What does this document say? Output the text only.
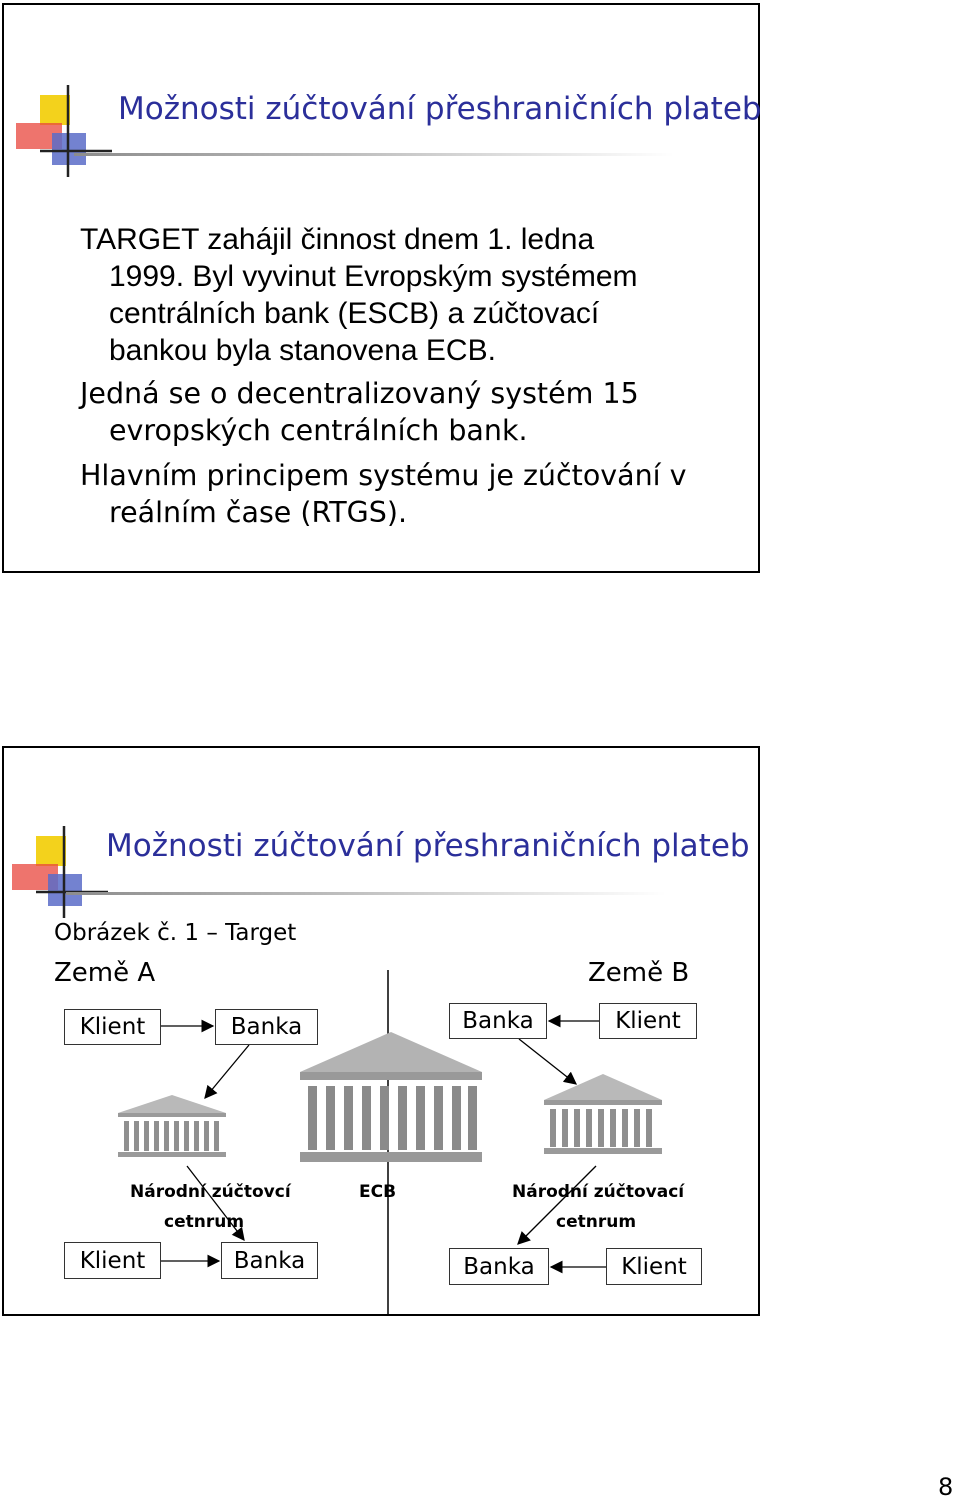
Možnosti zúčtování přeshraničních plateb
TARGET zahájil činnost dnem 1. ledna
1999. Byl vyvinut Evropským systémem
centrálních bank (ESCB) a zúčtovací
bankou byla stanovena ECB.
Jedná se o decentralizovaný systém 15
evropských centrálních bank.
Hlavním principem systému je zúčtování v
reálním čase (RTGS).
Možnosti zúčtování přeshraničních plateb
Obrázek č. 1 – Target
Země A	Země B
Klient	Banka	Banka	Klient
Národní zúčtovcí
cetnrum
ECB	Národní zúčtovací
cetnrum
Klient	Banka	Banka	Klient
8
